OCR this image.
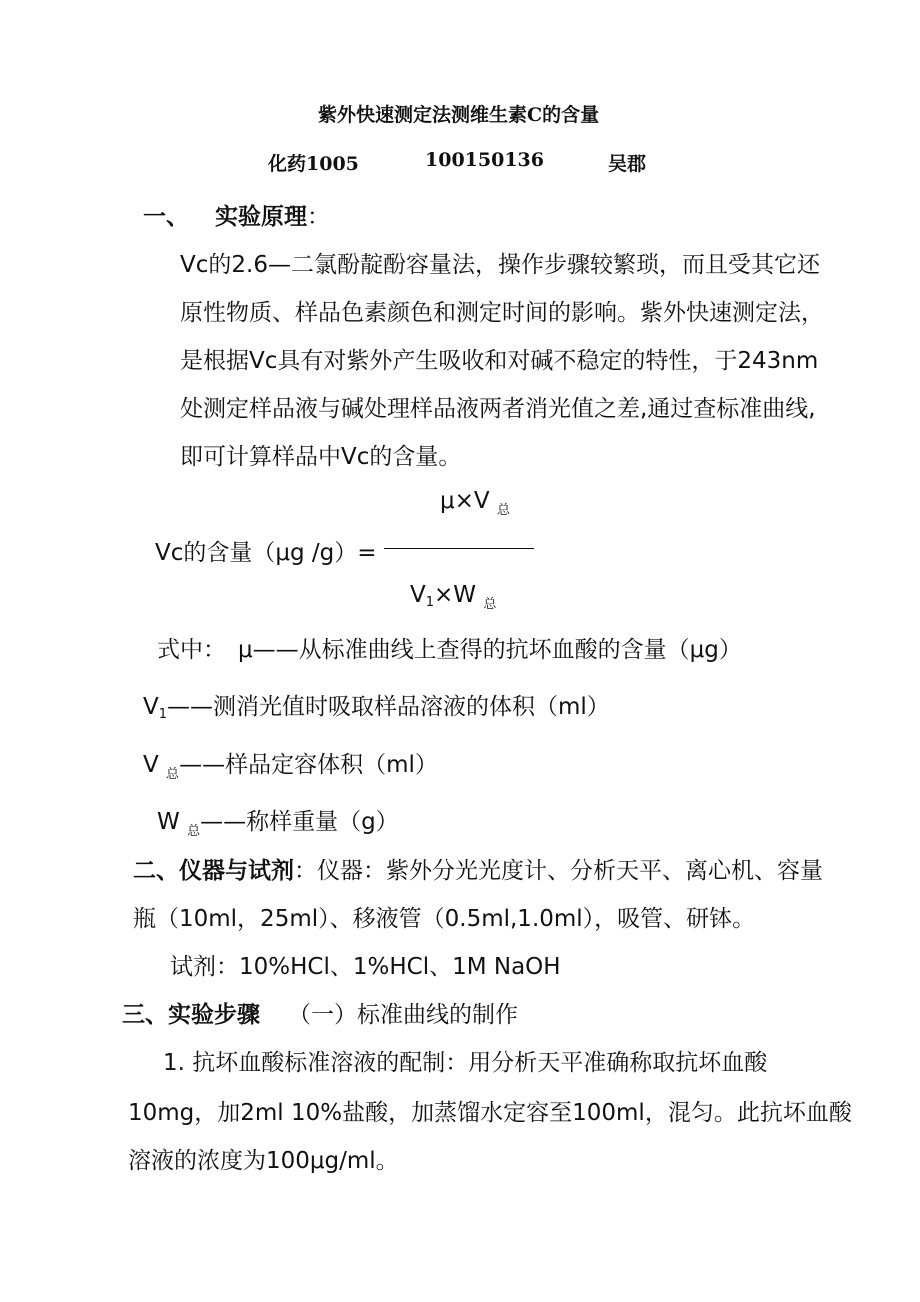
紫外快速测定法测维生素C的含量
化药1005	100150136	吴郡
一、 实验原理：
Vc的2.6—二氯酚靛酚容量法，操作步骤较繁琐，而且受其它还
原性物质、样品色素颜色和测定时间的影响。紫外快速测定法，
是根据Vc具有对紫外产生吸收和对碱不稳定的特性，于243nm
处测定样品液与碱处理样品液两者消光值之差,通过查标准曲线,
即可计算样品中Vc的含量。
μ×V $_总$
Vc的含量（μg /g）=
V1×W $_总$
式中： μ——从标准曲线上查得的抗坏血酸的含量（μg）
V1——测消光值时吸取样品溶液的体积（ml）
V $_总$——样品定容体积（ml）
W $_总$——称样重量（g）
二、仪器与试剂：仪器：紫外分光光度计、分析天平、离心机、容量
瓶（10ml，25ml）、移液管（0.5ml,1.0ml），吸管、研钵。
试剂：10%HCl、1%HCl、1M NaOH
三、实验步骤 （一）标准曲线的制作
1. 抗坏血酸标准溶液的配制：用分析天平准确称取抗坏血酸
10mg，加2ml 10%盐酸，加蒸馏水定容至100ml，混匀。此抗坏血酸
溶液的浓度为100μg/ml。
